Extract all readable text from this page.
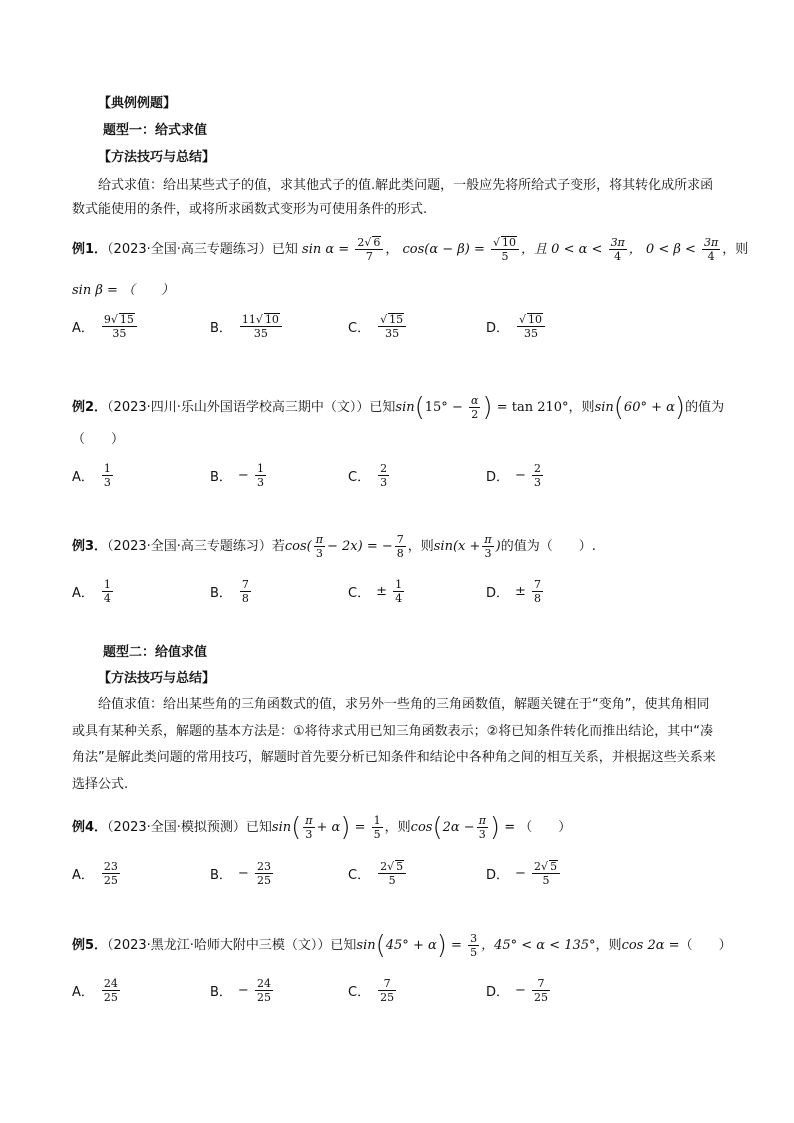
【典例例题】
题型一：给式求值
【方法技巧与总结】
给式求值：给出某些式子的值，求其他式子的值.解此类问题，一般应先将所给式子变形，将其转化成所求函数式能使用的条件，或将所求函数式变形为可使用条件的形式.
例1．（2023·全国·高三专题练习）已知 $\sin \alpha = \frac{2√ 6}{7}$ ， $\cos(\alpha - \beta) = \frac{√ 10}{5}$ ，且 $0 < \alpha < \frac{3\pi}{4}$ ， $0 < \beta < \frac{3\pi}{4}$ ，则
sin β = （　　）
A． $\frac{9√ 15}{35}$	B． $\frac{11√ 10}{35}$	C． $\frac{√ 15}{35}$	D． $\frac{√ 10}{35}$
例2．（2023·四川·乐山外国语学校高三期中（文））已知$\sin(15^\circ - \frac{\alpha}{2}$ ) = tan 210°，则sin(60° + α)的值为
（　　）
A． $\frac{1}{3}$	B． − $\frac{1}{3}$	C． $\frac{2}{3}$	D． − $\frac{2}{3}$
例3．（2023·全国·高三专题练习）若$\cos( \frac{\pi}{3} - 2x)$ = − $\frac{7}{8}$ ，则$\sin(x + \frac{\pi}{3}$ )的值为（　　）.
A． $\frac{1}{4}$	B． $\frac{7}{8}$	C． ± $\frac{1}{4}$	D． ± $\frac{7}{8}$
题型二：给值求值
【方法技巧与总结】
给值求值：给出某些角的三角函数式的值，求另外一些角的三角函数值，解题关键在于“变角”，使其角相同或具有某种关系，解题的基本方法是：①将待求式用已知三角函数表示；②将已知条件转化而推出结论，其中“凑角法”是解此类问题的常用技巧，解题时首先要分析已知条件和结论中各种角之间的相互关系，并根据这些关系来选择公式.
例4．（2023·全国·模拟预测）已知$\sin( \frac{\pi}{3} + \alpha) = \frac{1}{5}$ ，则$\cos(2\alpha - \frac{\pi}{3}$ ) = （　　）
A． $\frac{23}{25}$	B． − $\frac{23}{25}$	C． $\frac{2√ 5}{5}$	D． − $\frac{2√ 5}{5}$
例5．（2023·黑龙江·哈师大附中三模（文））已知$\sin(45^\circ + \alpha) = \frac{3}{5}$ ，45° < α < 135°，则cos 2α =（　　）
A． $\frac{24}{25}$	B． − $\frac{24}{25}$	C． $\frac{7}{25}$	D． − $\frac{7}{25}$
